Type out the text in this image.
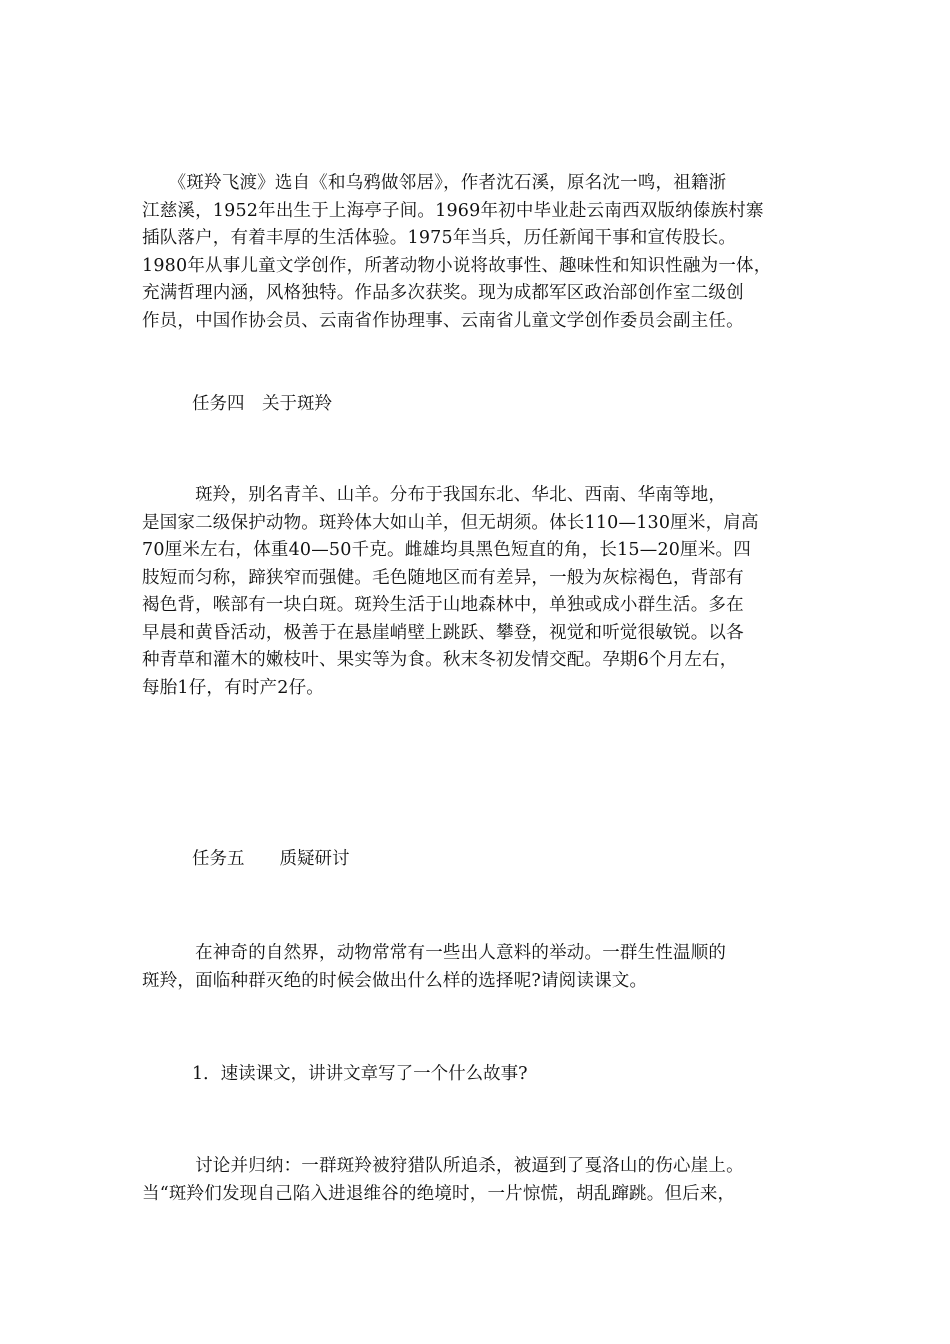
　　《斑羚飞渡》选自《和乌鸦做邻居》，作者沈石溪，原名沈一鸣，祖籍浙
江慈溪，1952年出生于上海亭子间。1969年初中毕业赴云南西双版纳傣族村寨
插队落户，有着丰厚的生活体验。1975年当兵，历任新闻干事和宣传股长。
1980年从事儿童文学创作，所著动物小说将故事性、趣味性和知识性融为一体，
充满哲理内涵，风格独特。作品多次获奖。现为成都军区政治部创作室二级创
作员，中国作协会员、云南省作协理事、云南省儿童文学创作委员会副主任。
任务四　关于斑羚
　　　斑羚，别名青羊、山羊。分布于我国东北、华北、西南、华南等地，
是国家二级保护动物。斑羚体大如山羊，但无胡须。体长110—130厘米，肩高
70厘米左右，体重40—50千克。雌雄均具黑色短直的角，长15—20厘米。四
肢短而匀称，蹄狭窄而强健。毛色随地区而有差异，一般为灰棕褐色，背部有
褐色背，喉部有一块白斑。斑羚生活于山地森林中，单独或成小群生活。多在
早晨和黄昏活动，极善于在悬崖峭壁上跳跃、攀登，视觉和听觉很敏锐。以各
种青草和灌木的嫩枝叶、果实等为食。秋末冬初发情交配。孕期6个月左右，
每胎1仔，有时产2仔。
任务五　　质疑研讨
　　　在神奇的自然界，动物常常有一些出人意料的举动。一群生性温顺的
斑羚，面临种群灭绝的时候会做出什么样的选择呢?请阅读课文。
1．速读课文，讲讲文章写了一个什么故事?
　　　讨论并归纳：一群斑羚被狩猎队所追杀，被逼到了戛洛山的伤心崖上。
当“斑羚们发现自己陷入进退维谷的绝境时，一片惊慌，胡乱蹿跳。但后来，
